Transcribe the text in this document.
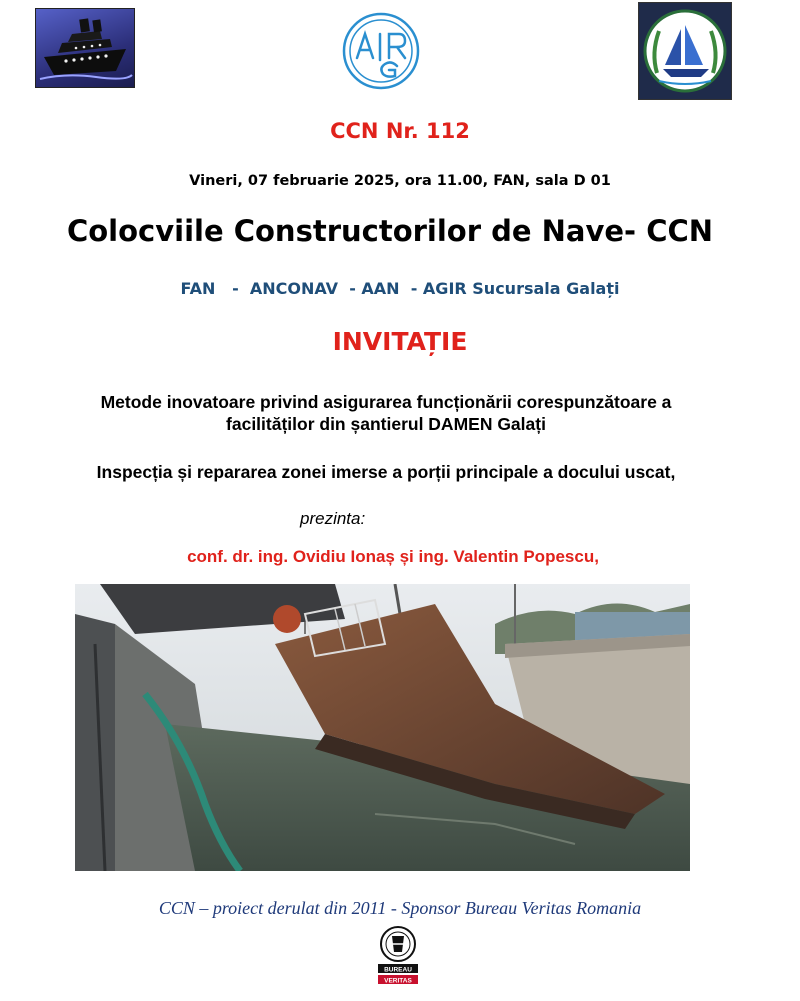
CCN Nr. 112
Vineri, 07 februarie 2025, ora 11.00, FAN, sala D 01
Colocviile Constructorilor de Nave- CCN
FAN   -  ANCONAV  - AAN  - AGIR Sucursala Galați
INVITAȚIE
Metode inovatoare privind asigurarea funcționării corespunzătoare a
facilităților din șantierul DAMEN Galați
Inspecția și repararea zonei imerse a porții principale a docului uscat,
prezinta:
conf. dr. ing. Ovidiu Ionaș și ing. Valentin Popescu,
CCN – proiect derulat din 2011 - Sponsor Bureau Veritas Romania
BUREAU
VERITAS
